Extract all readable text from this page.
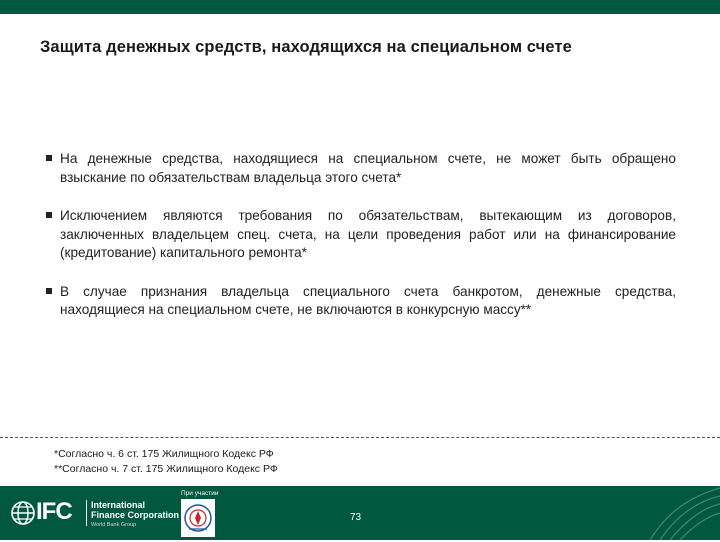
Защита денежных средств, находящихся на специальном счете
На денежные средства, находящиеся на специальном счете, не может быть обращено взыскание по обязательствам владельца этого счета*
Исключением являются требования по обязательствам, вытекающим из договоров, заключенных владельцем спец. счета, на цели проведения работ или на финансирование (кредитование) капитального ремонта*
В случае признания владельца специального счета банкротом, денежные средства, находящиеся на специальном счете, не включаются в конкурсную массу**
*Согласно ч. 6 ст. 175 Жилищного Кодекс РФ
**Согласно ч. 7 ст. 175 Жилищного Кодекс РФ
IFC International
Finance Corporation
World Bank Group
При участии
73
